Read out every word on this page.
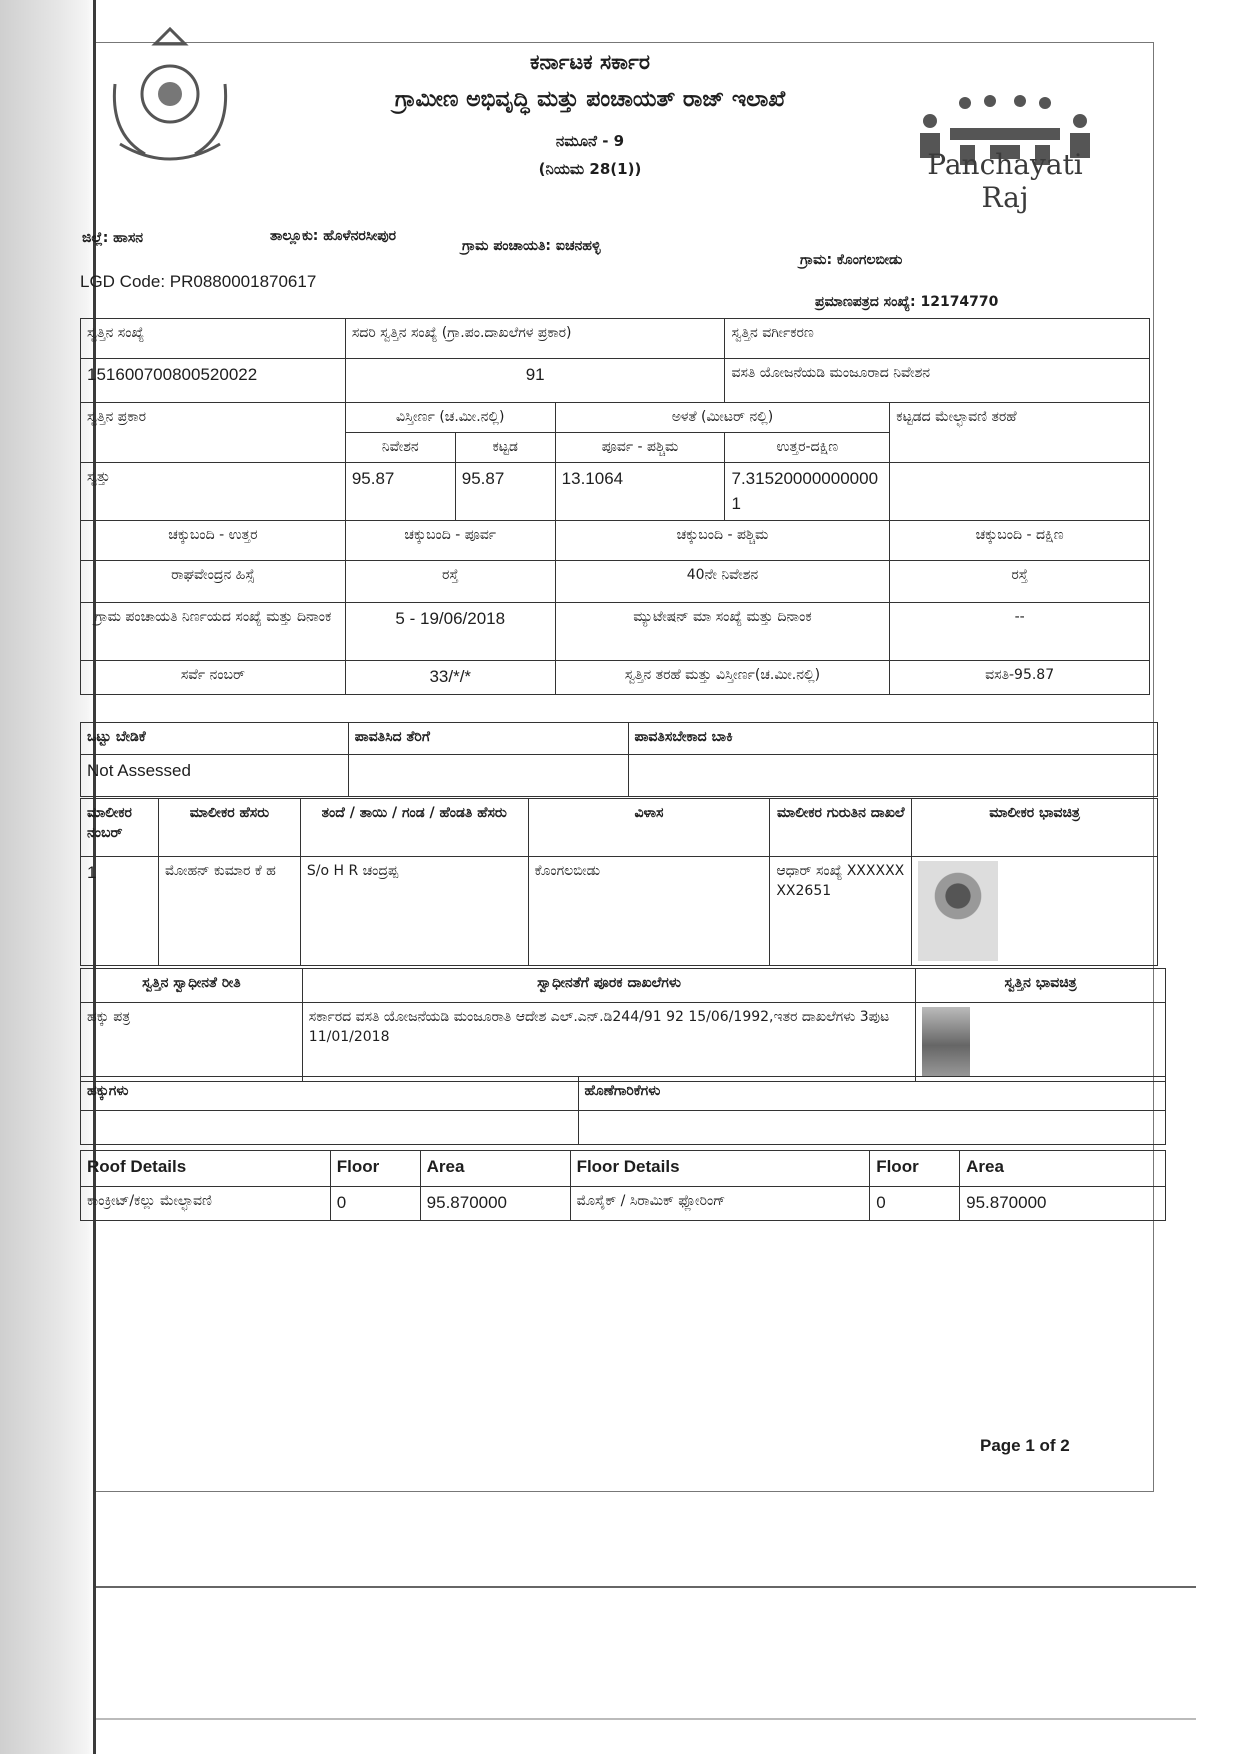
ಕರ್ನಾಟಕ ಸರ್ಕಾರ
ಗ್ರಾಮೀಣ ಅಭಿವೃದ್ಧಿ ಮತ್ತು ಪಂಚಾಯತ್ ರಾಜ್ ಇಲಾಖೆ
ನಮೂನೆ - 9
(ನಿಯಮ 28(1))	Panchayati Raj
ಜಿಲ್ಲೆ: ಹಾಸನ	ತಾಲ್ಲೂಕು: ಹೊಳೆನರಸೀಪುರ
ಗ್ರಾಮ ಪಂಚಾಯತಿ: ಐಚನಹಳ್ಳಿ
ಗ್ರಾಮ: ಕೊಂಗಲಬೀಡು
LGD Code: PR0880001870617
ಪ್ರಮಾಣಪತ್ರದ ಸಂಖ್ಯೆ: 12174770
ಸ್ವತ್ತಿನ ಸಂಖ್ಯೆ	ಸದರಿ ಸ್ವತ್ತಿನ ಸಂಖ್ಯೆ (ಗ್ರಾ.ಪಂ.ದಾಖಲೆಗಳ ಪ್ರಕಾರ)			ಸ್ವತ್ತಿನ ವರ್ಗೀಕರಣ	
151600700800520022	91			ವಸತಿ ಯೋಜನೆಯಡಿ ಮಂಜೂರಾದ ನಿವೇಶನ	
ಸ್ವತ್ತಿನ ಪ್ರಕಾರ	ವಿಸ್ತೀರ್ಣ (ಚ.ಮೀ.ನಲ್ಲಿ)		ಅಳತೆ (ಮೀಟರ್ ನಲ್ಲಿ)		ಕಟ್ಟಡದ ಮೇಲ್ಛಾವಣಿ ತರಹೆ
	ನಿವೇಶನ	ಕಟ್ಟಡ	ಪೂರ್ವ - ಪಶ್ಚಿಮ	ಉತ್ತರ-ದಕ್ಷಿಣ	
ಸ್ವತ್ತು	95.87	95.87	13.1064	7.315200000000001	
ಚಕ್ಕುಬಂದಿ - ಉತ್ತರ	ಚಕ್ಕುಬಂದಿ - ಪೂರ್ವ		ಚಕ್ಕುಬಂದಿ - ಪಶ್ಚಿಮ		ಚಕ್ಕುಬಂದಿ - ದಕ್ಷಿಣ
ರಾಘವೇಂದ್ರನ ಹಿಸ್ಸೆ	ರಸ್ತೆ		40ನೇ ನಿವೇಶನ		ರಸ್ತೆ
ಗ್ರಾಮ ಪಂಚಾಯತಿ ನಿರ್ಣಯದ ಸಂಖ್ಯೆ ಮತ್ತು ದಿನಾಂಕ	5 - 19/06/2018		ಮ್ಯುಟೇಷನ್ ಮಾ ಸಂಖ್ಯೆ ಮತ್ತು ದಿನಾಂಕ		--
ಸರ್ವೆ ನಂಬರ್	33/*/*		ಸ್ವತ್ತಿನ ತರಹೆ ಮತ್ತು ವಿಸ್ತೀರ್ಣ(ಚ.ಮೀ.ನಲ್ಲಿ)		ವಸತಿ-95.87
ಒಟ್ಟು ಬೇಡಿಕೆ	ಪಾವತಿಸಿದ ತೆರಿಗೆ	ಪಾವತಿಸಬೇಕಾದ ಬಾಕಿ
Not Assessed		
ಮಾಲೀಕರ ನಂಬರ್	ಮಾಲೀಕರ ಹೆಸರು	ತಂದೆ / ತಾಯಿ / ಗಂಡ / ಹೆಂಡತಿ ಹೆಸರು	ವಿಳಾಸ	ಮಾಲೀಕರ ಗುರುತಿನ ದಾಖಲೆ	ಮಾಲೀಕರ ಭಾವಚಿತ್ರ
1	ಮೋಹನ್ ಕುಮಾರ ಕೆ ಹ	S/o H R ಚಂದ್ರಪ್ಪ	ಕೊಂಗಲಬೀಡು	ಆಧಾರ್ ಸಂಖ್ಯೆ XXXXXXXX2651	
ಸ್ವತ್ತಿನ ಸ್ವಾಧೀನತೆ ರೀತಿ	ಸ್ವಾಧೀನತೆಗೆ ಪೂರಕ ದಾಖಲೆಗಳು	ಸ್ವತ್ತಿನ ಭಾವಚಿತ್ರ
ಹಕ್ಕು ಪತ್ರ	ಸರ್ಕಾರದ ವಸತಿ ಯೋಜನೆಯಡಿ ಮಂಜೂರಾತಿ ಆದೇಶ ಎಲ್.ಎನ್.ಡಿ244/91 92 15/06/1992,ಇತರ ದಾಖಲೆಗಳು 3ಪುಟ 11/01/2018	
ಹಕ್ಕುಗಳು	ಹೊಣೆಗಾರಿಕೆಗಳು

Roof Details	Floor	Area	Floor Details	Floor	Area
ಕಾಂಕ್ರೀಟ್/ಕಲ್ಲು ಮೇಲ್ಛಾವಣಿ	0	95.870000	ಮೊಸೈಕ್ / ಸಿರಾಮಿಕ್ ಫ್ಲೋರಿಂಗ್	0	95.870000
Page 1 of 2
